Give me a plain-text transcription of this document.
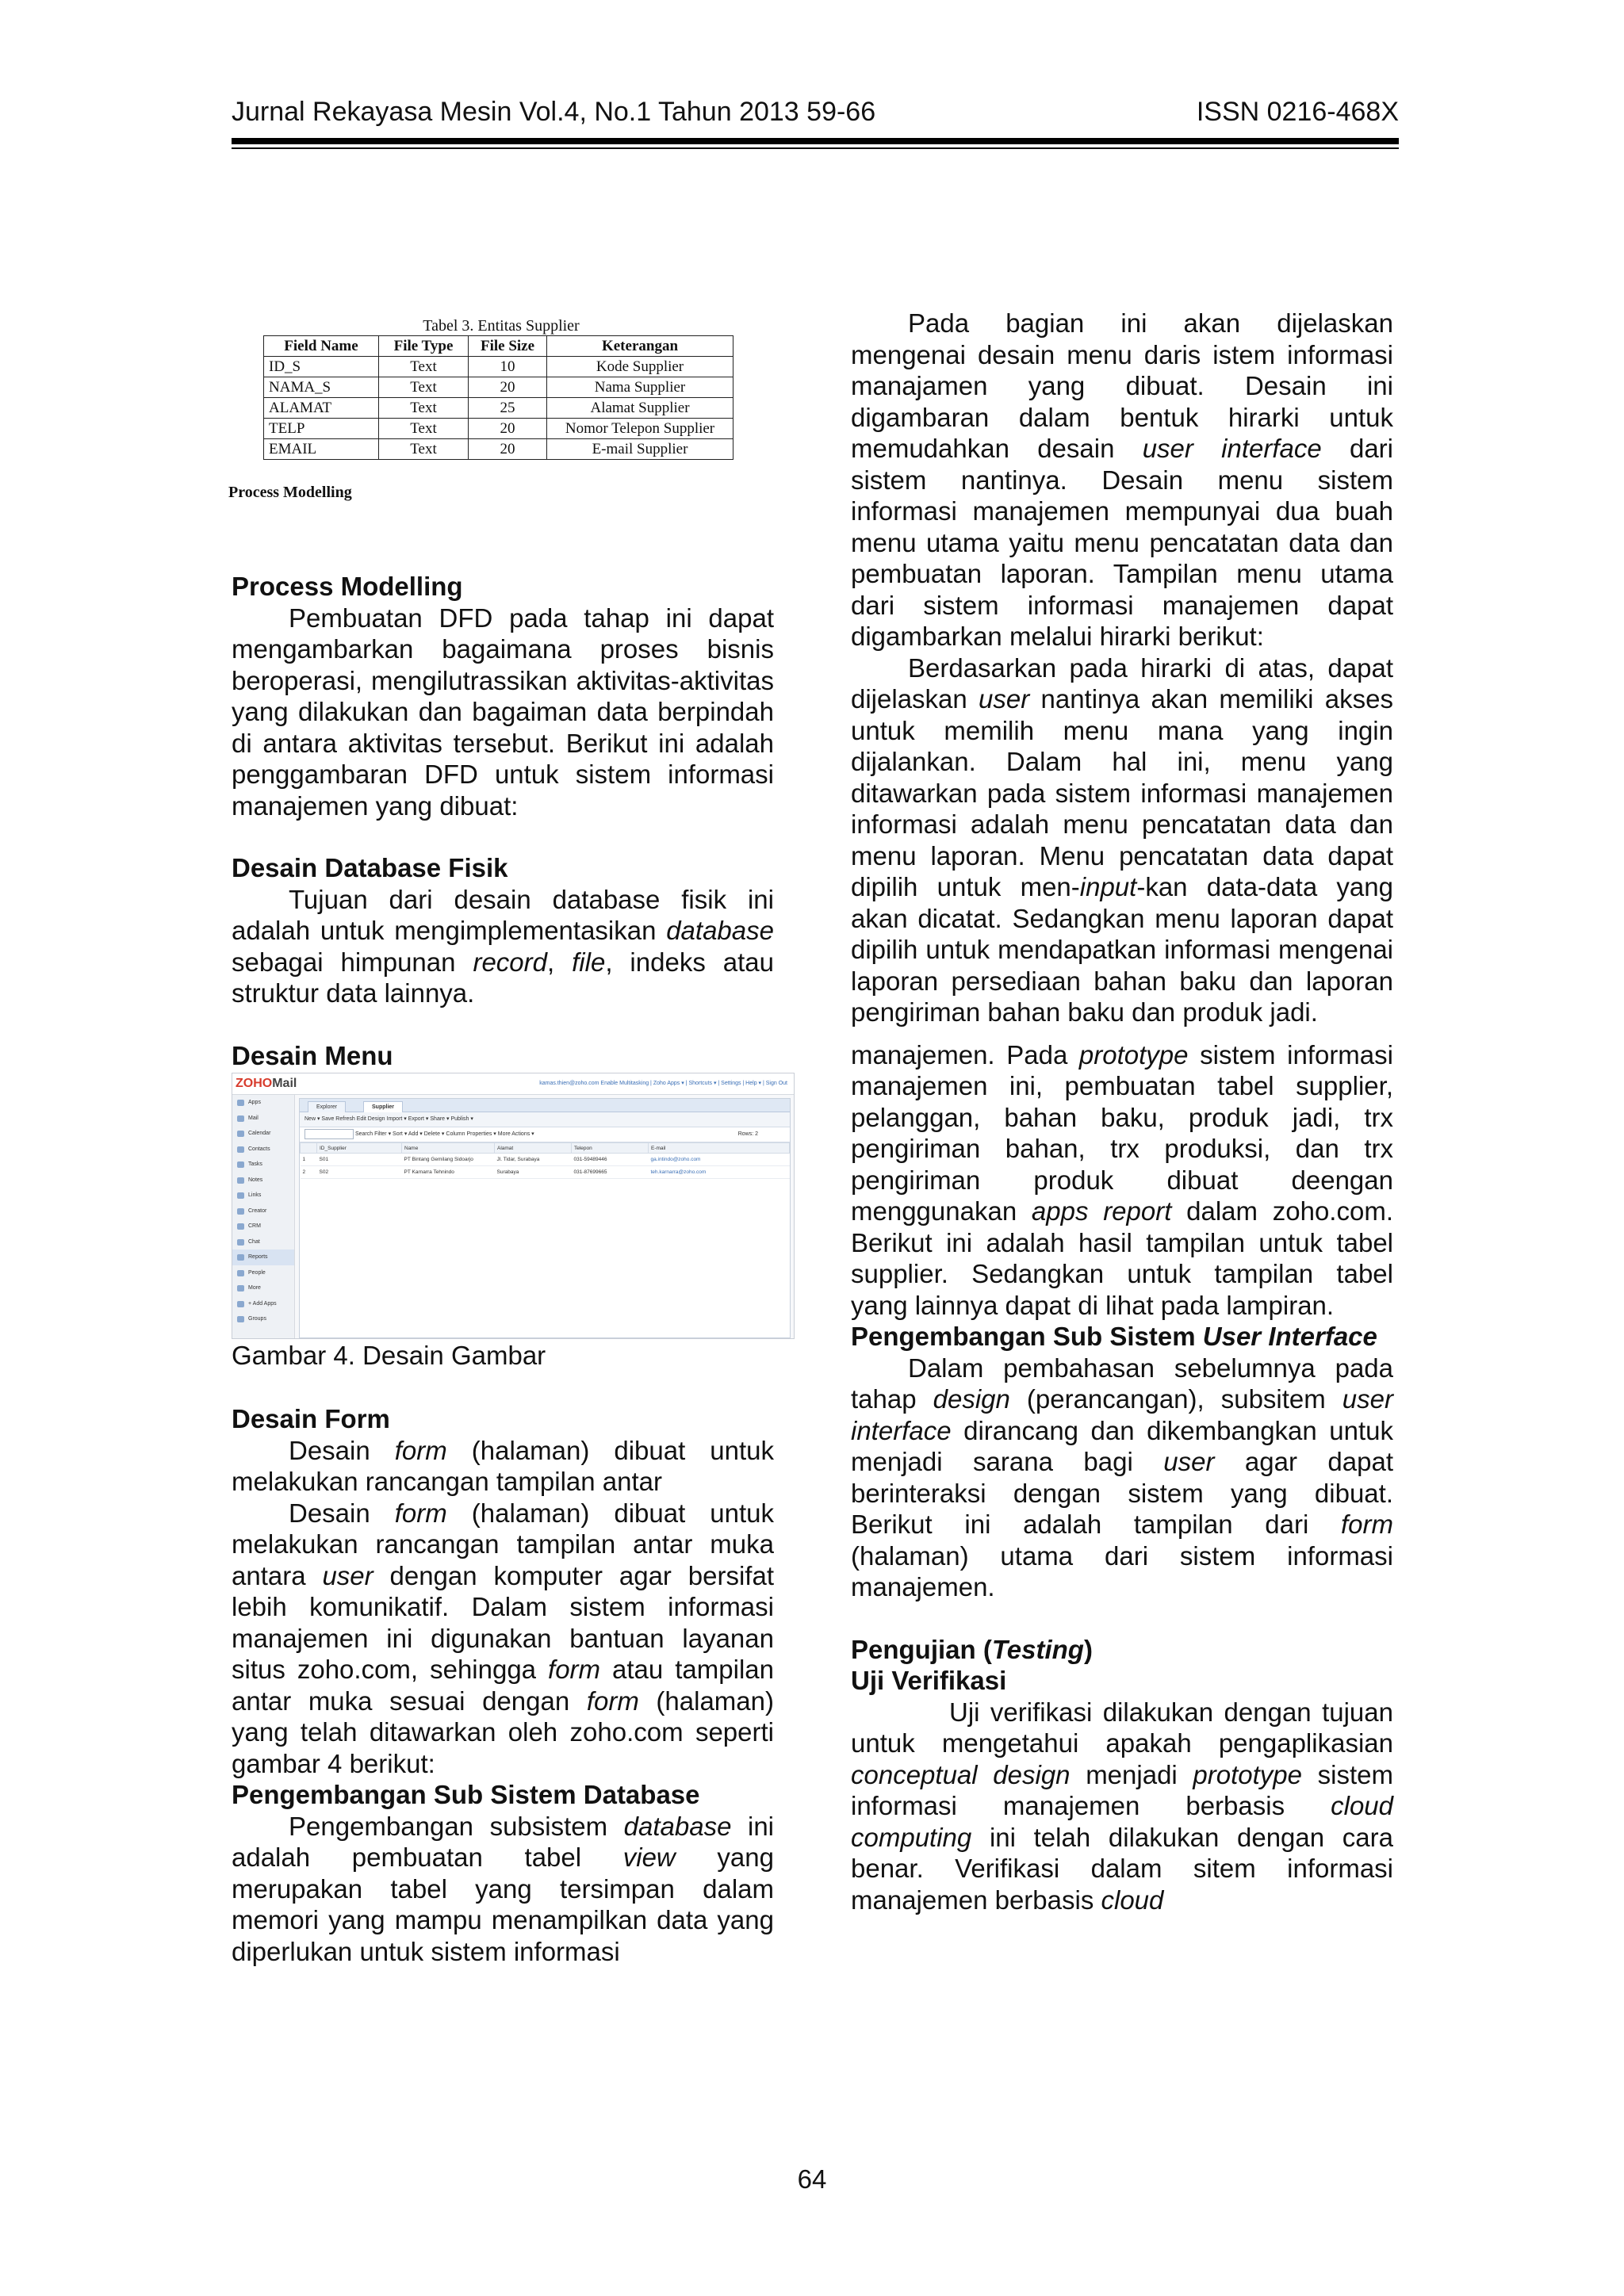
Jurnal Rekayasa Mesin Vol.4, No.1 Tahun 2013 59-66	ISSN 0216-468X
Tabel 3. Entitas Supplier
Field Name	File Type	File Size	Keterangan
ID_S	Text	10	Kode Supplier
NAMA_S	Text	20	Nama Supplier
ALAMAT	Text	25	Alamat Supplier
TELP	Text	20	Nomor Telepon Supplier
EMAIL	Text	20	E-mail Supplier
Process Modelling

Process Modelling

Pembuatan DFD pada tahap ini dapat mengambarkan bagaimana proses bisnis beroperasi, mengilutrassikan aktivitas-aktivitas yang dilakukan dan bagaiman data berpindah di antara aktivitas tersebut. Berikut ini adalah penggambaran DFD untuk sistem informasi manajemen yang dibuat:

Desain Database Fisik

Tujuan dari desain database fisik ini adalah untuk mengimplementasikan database sebagai himpunan record, file, indeks atau struktur data lainnya.

Desain Menu

ZOHOMail	kamas.thien@zoho.com Enable Multitasking | Zoho Apps ▾ | Shortcuts ▾ | Settings | Help ▾ | Sign Out
Apps
Mail
Calendar
Contacts
Tasks
Notes
Links
Creator
CRM
Chat
Reports
People
More
+ Add Apps
Groups
Explorer	Supplier
New ▾ Save Refresh Edit Design Import ▾ Export ▾ Share ▾ Publish ▾
Search Filter ▾ Sort ▾ Add ▾ Delete ▾ Column Properties ▾ More Actions ▾	Rows: 2
	ID_Supplier	Name	Alamat	Telepon	E-mail
1	S01	PT Bintang Gemilang Sidoarjo	Jl. Tidar, Surabaya	031-59489446	ga.intindo@zoho.com
2	S02	PT Karnarra Tehnindo	Surabaya	031-87699665	teh.karnarra@zoho.com
Gambar 4. Desain Gambar

Desain Form

Desain form (halaman) dibuat untuk melakukan rancangan tampilan antar

Desain form (halaman) dibuat untuk melakukan rancangan tampilan antar muka antara user dengan komputer agar bersifat lebih komunikatif. Dalam sistem informasi manajemen ini digunakan bantuan layanan situs zoho.com, sehingga form atau tampilan antar muka sesuai dengan form (halaman) yang telah ditawarkan oleh zoho.com seperti gambar 4 berikut:

Pengembangan Sub Sistem Database

Pengembangan subsistem database ini adalah pembuatan tabel view yang merupakan tabel yang tersimpan dalam memori yang mampu menampilkan data yang diperlukan untuk sistem informasi

Pada bagian ini akan dijelaskan mengenai desain menu daris istem informasi manajamen yang dibuat. Desain ini digambaran dalam bentuk hirarki untuk memudahkan desain user interface dari sistem nantinya. Desain menu sistem informasi manajemen mempunyai dua buah menu utama yaitu menu pencatatan data dan pembuatan laporan. Tampilan menu utama dari sistem informasi manajemen dapat digambarkan melalui hirarki berikut:

Berdasarkan pada hirarki di atas, dapat dijelaskan user nantinya akan memiliki akses untuk memilih menu mana yang ingin dijalankan. Dalam hal ini, menu yang ditawarkan pada sistem informasi manajemen informasi adalah menu pencatatan data dan menu laporan. Menu pencatatan data dapat dipilih untuk men-input-kan data-data yang akan dicatat. Sedangkan menu laporan dapat dipilih untuk mendapatkan informasi mengenai laporan persediaan bahan baku dan laporan pengiriman bahan baku dan produk jadi.

manajemen. Pada prototype sistem informasi manajemen ini, pembuatan tabel supplier, pelanggan, bahan baku, produk jadi, trx pengiriman bahan, trx produksi, dan trx pengiriman produk dibuat deengan menggunakan apps report dalam zoho.com. Berikut ini adalah hasil tampilan untuk tabel supplier. Sedangkan untuk tampilan tabel yang lainnya dapat di lihat pada lampiran.

Pengembangan Sub Sistem User Interface

Dalam pembahasan sebelumnya pada tahap design (perancangan), subsitem user interface dirancang dan dikembangkan untuk menjadi sarana bagi user agar dapat berinteraksi dengan sistem yang dibuat. Berikut ini adalah tampilan dari form (halaman) utama dari sistem informasi manajemen.

Pengujian (Testing)

Uji Verifikasi

Uji verifikasi dilakukan dengan tujuan untuk mengetahui apakah pengaplikasian conceptual design menjadi prototype sistem informasi manajemen berbasis cloud computing ini telah dilakukan dengan cara benar. Verifikasi dalam sitem informasi manajemen berbasis cloud

64
